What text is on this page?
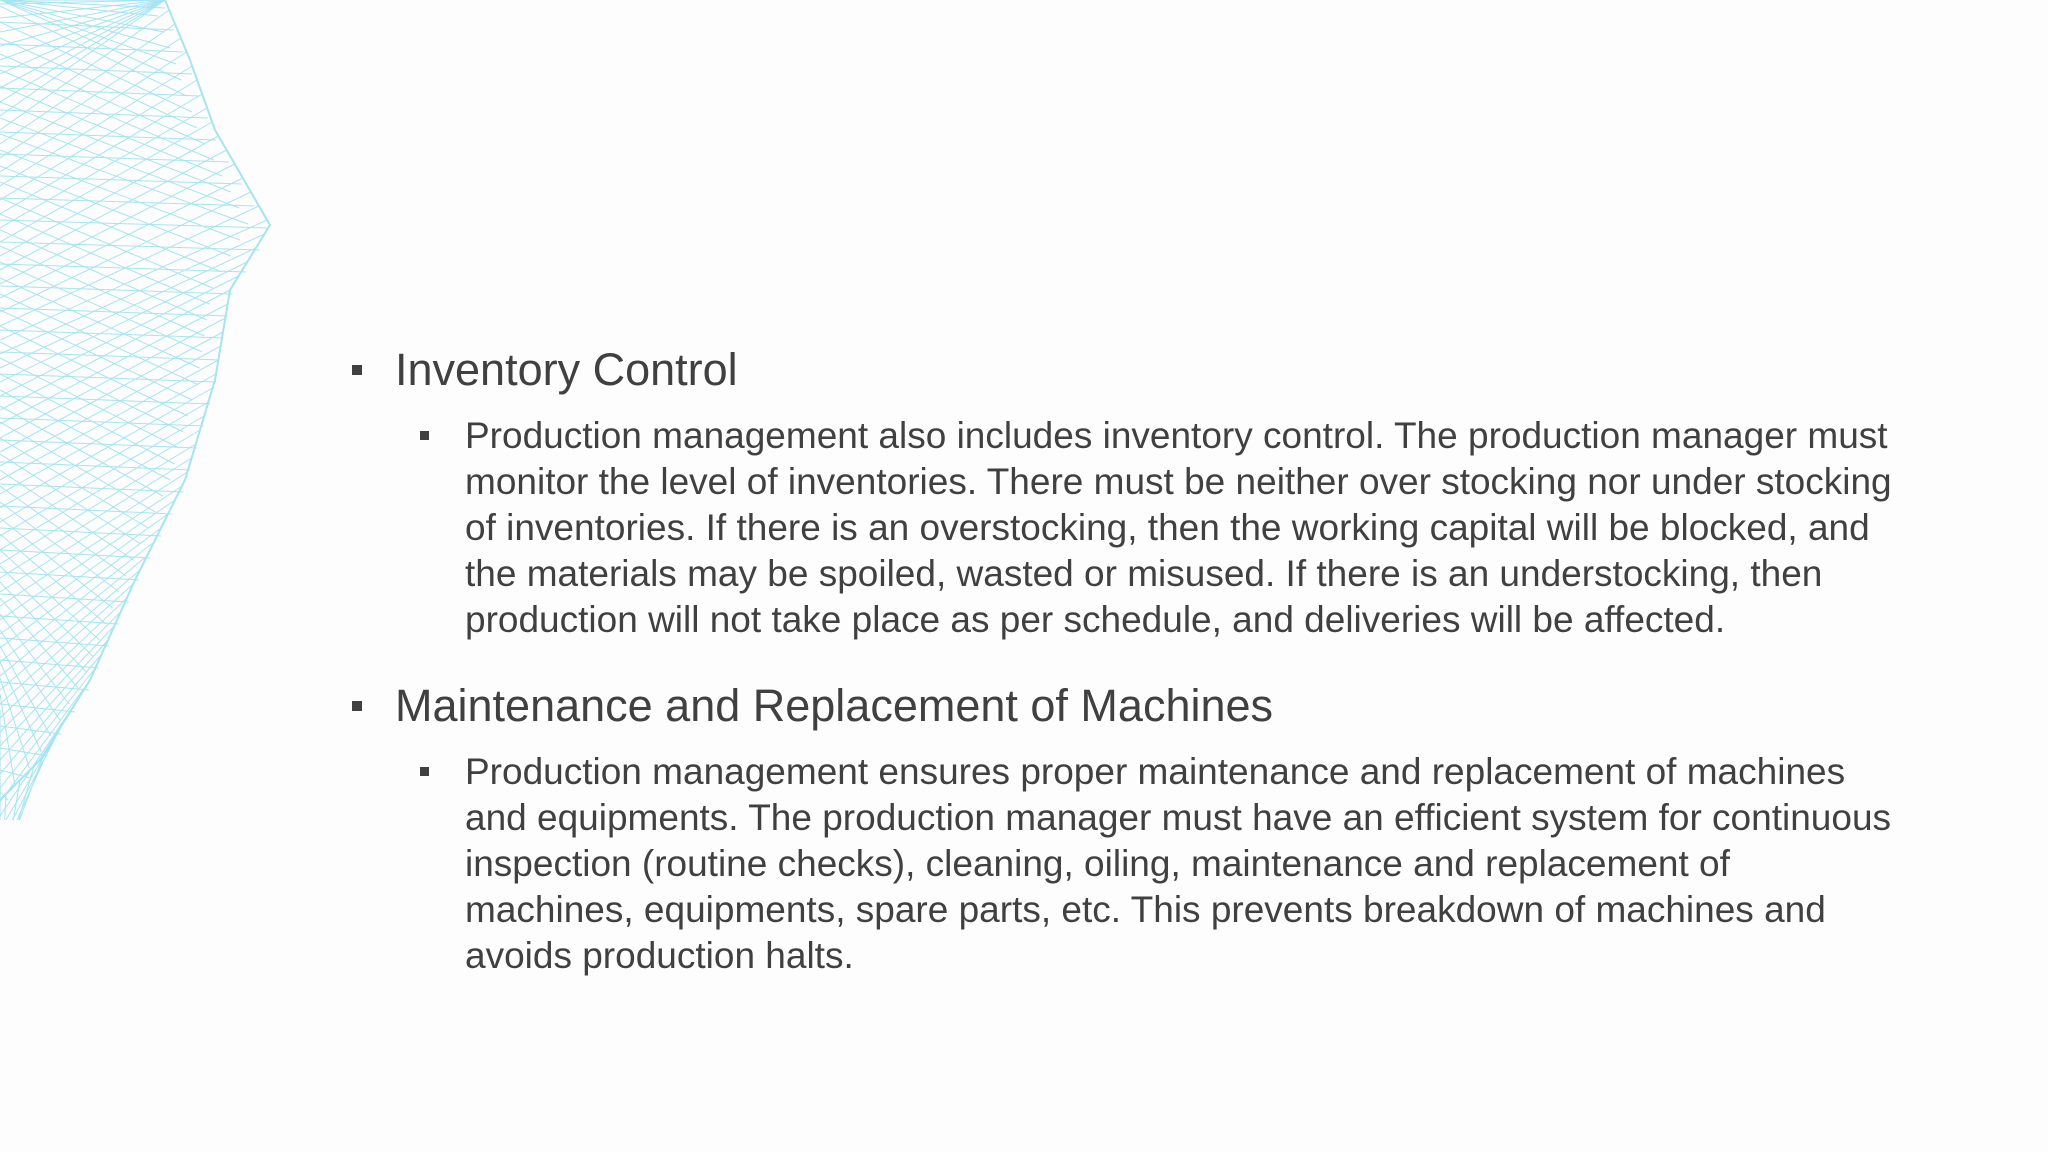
Inventory Control
Production management also includes inventory control. The production manager must monitor the level of inventories. There must be neither over stocking nor under stocking of inventories. If there is an overstocking, then the working capital will be blocked, and the materials may be spoiled, wasted or misused. If there is an understocking, then production will not take place as per schedule, and deliveries will be affected.
Maintenance and Replacement of Machines
Production management ensures proper maintenance and replacement of machines and equipments. The production manager must have an efficient system for continuous inspection (routine checks), cleaning, oiling, maintenance and replacement of machines, equipments, spare parts, etc. This prevents breakdown of machines and avoids production halts.
